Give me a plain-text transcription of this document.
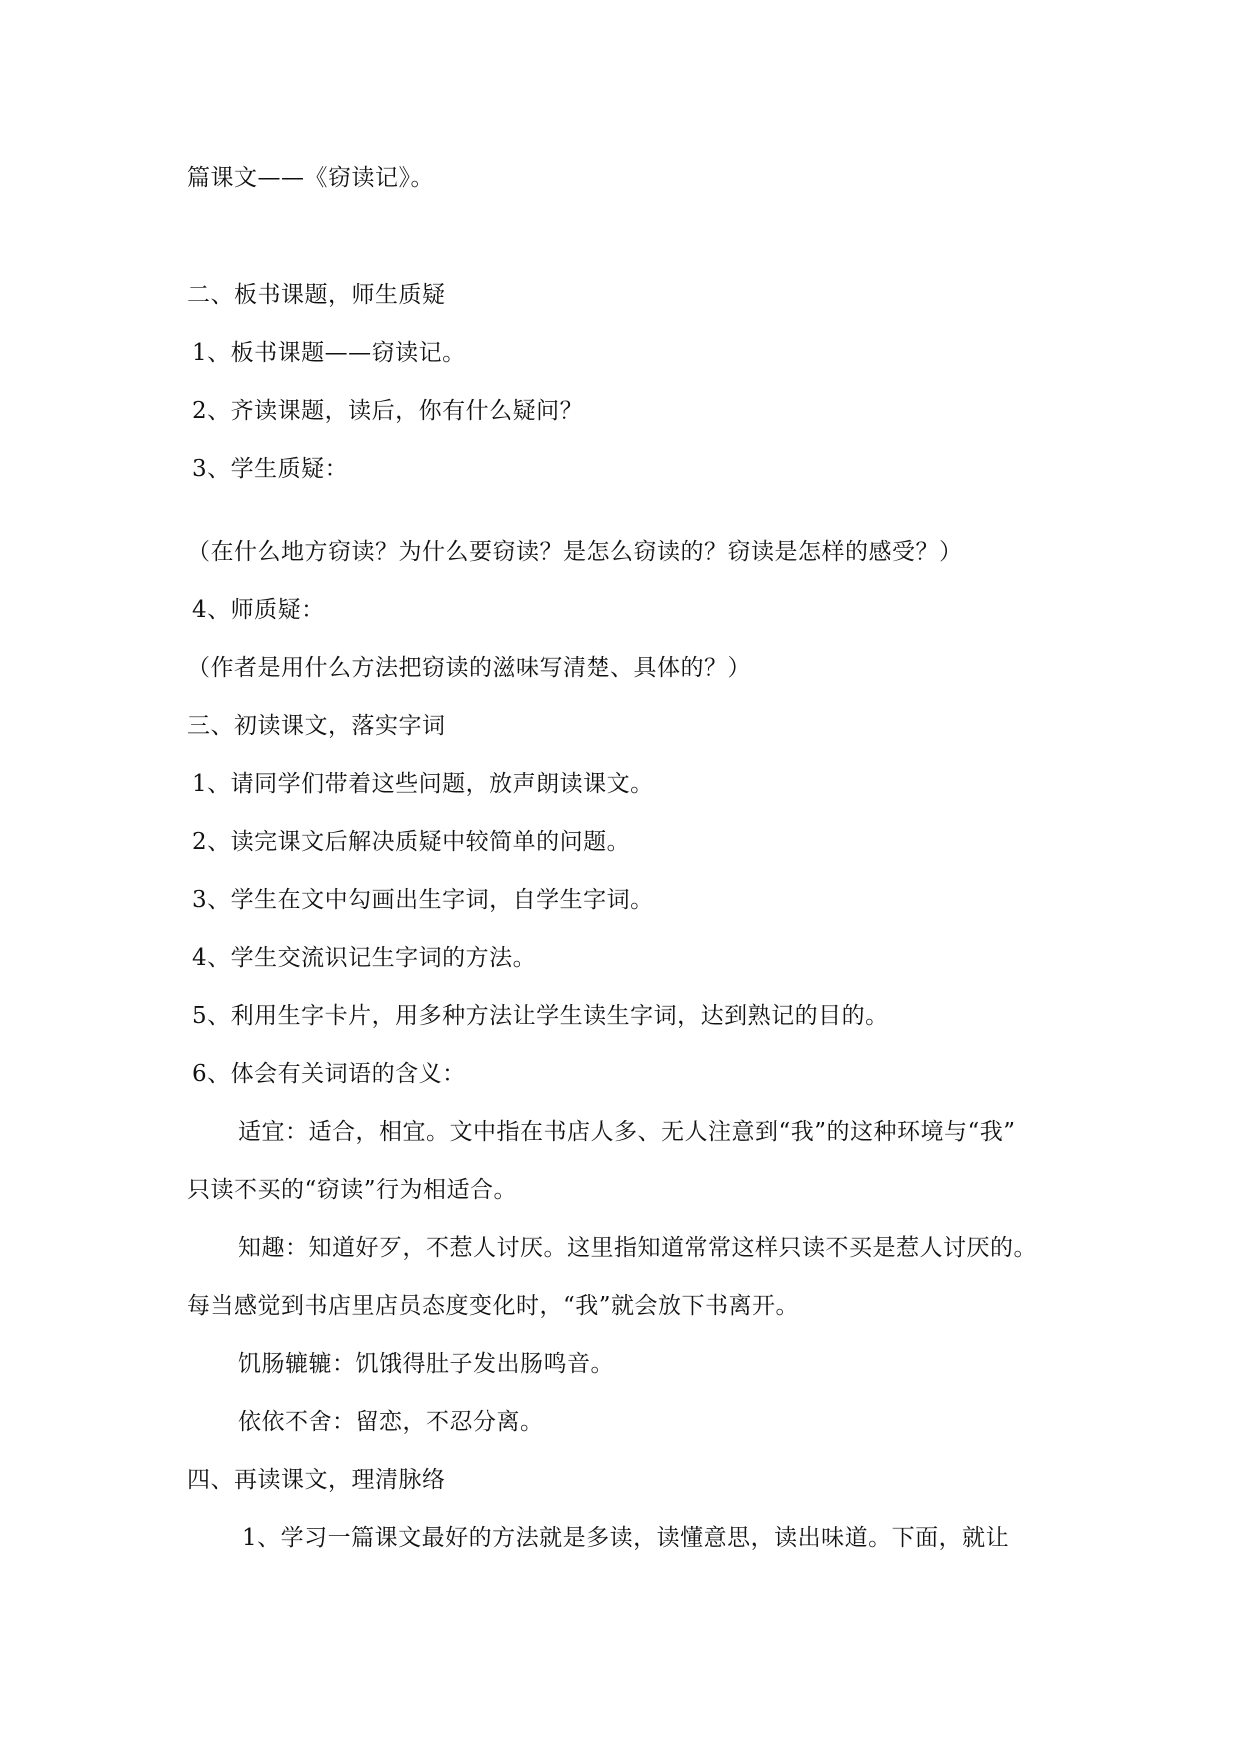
篇课文——《窃读记》。
二、板书课题，师生质疑
1、板书课题——窃读记。
2、齐读课题，读后，你有什么疑问？
3、学生质疑：
（在什么地方窃读？为什么要窃读？是怎么窃读的？窃读是怎样的感受？）
4、师质疑：
（作者是用什么方法把窃读的滋味写清楚、具体的？）
三、初读课文，落实字词
1、请同学们带着这些问题，放声朗读课文。
2、读完课文后解决质疑中较简单的问题。
3、学生在文中勾画出生字词，自学生字词。
4、学生交流识记生字词的方法。
5、利用生字卡片，用多种方法让学生读生字词，达到熟记的目的。
6、体会有关词语的含义：
适宜：适合，相宜。文中指在书店人多、无人注意到“我”的这种环境与“我”
只读不买的“窃读”行为相适合。
知趣：知道好歹，不惹人讨厌。这里指知道常常这样只读不买是惹人讨厌的。
每当感觉到书店里店员态度变化时，“我”就会放下书离开。
饥肠辘辘：饥饿得肚子发出肠鸣音。
依依不舍：留恋，不忍分离。
四、再读课文，理清脉络
1、学习一篇课文最好的方法就是多读，读懂意思，读出味道。下面，就让
